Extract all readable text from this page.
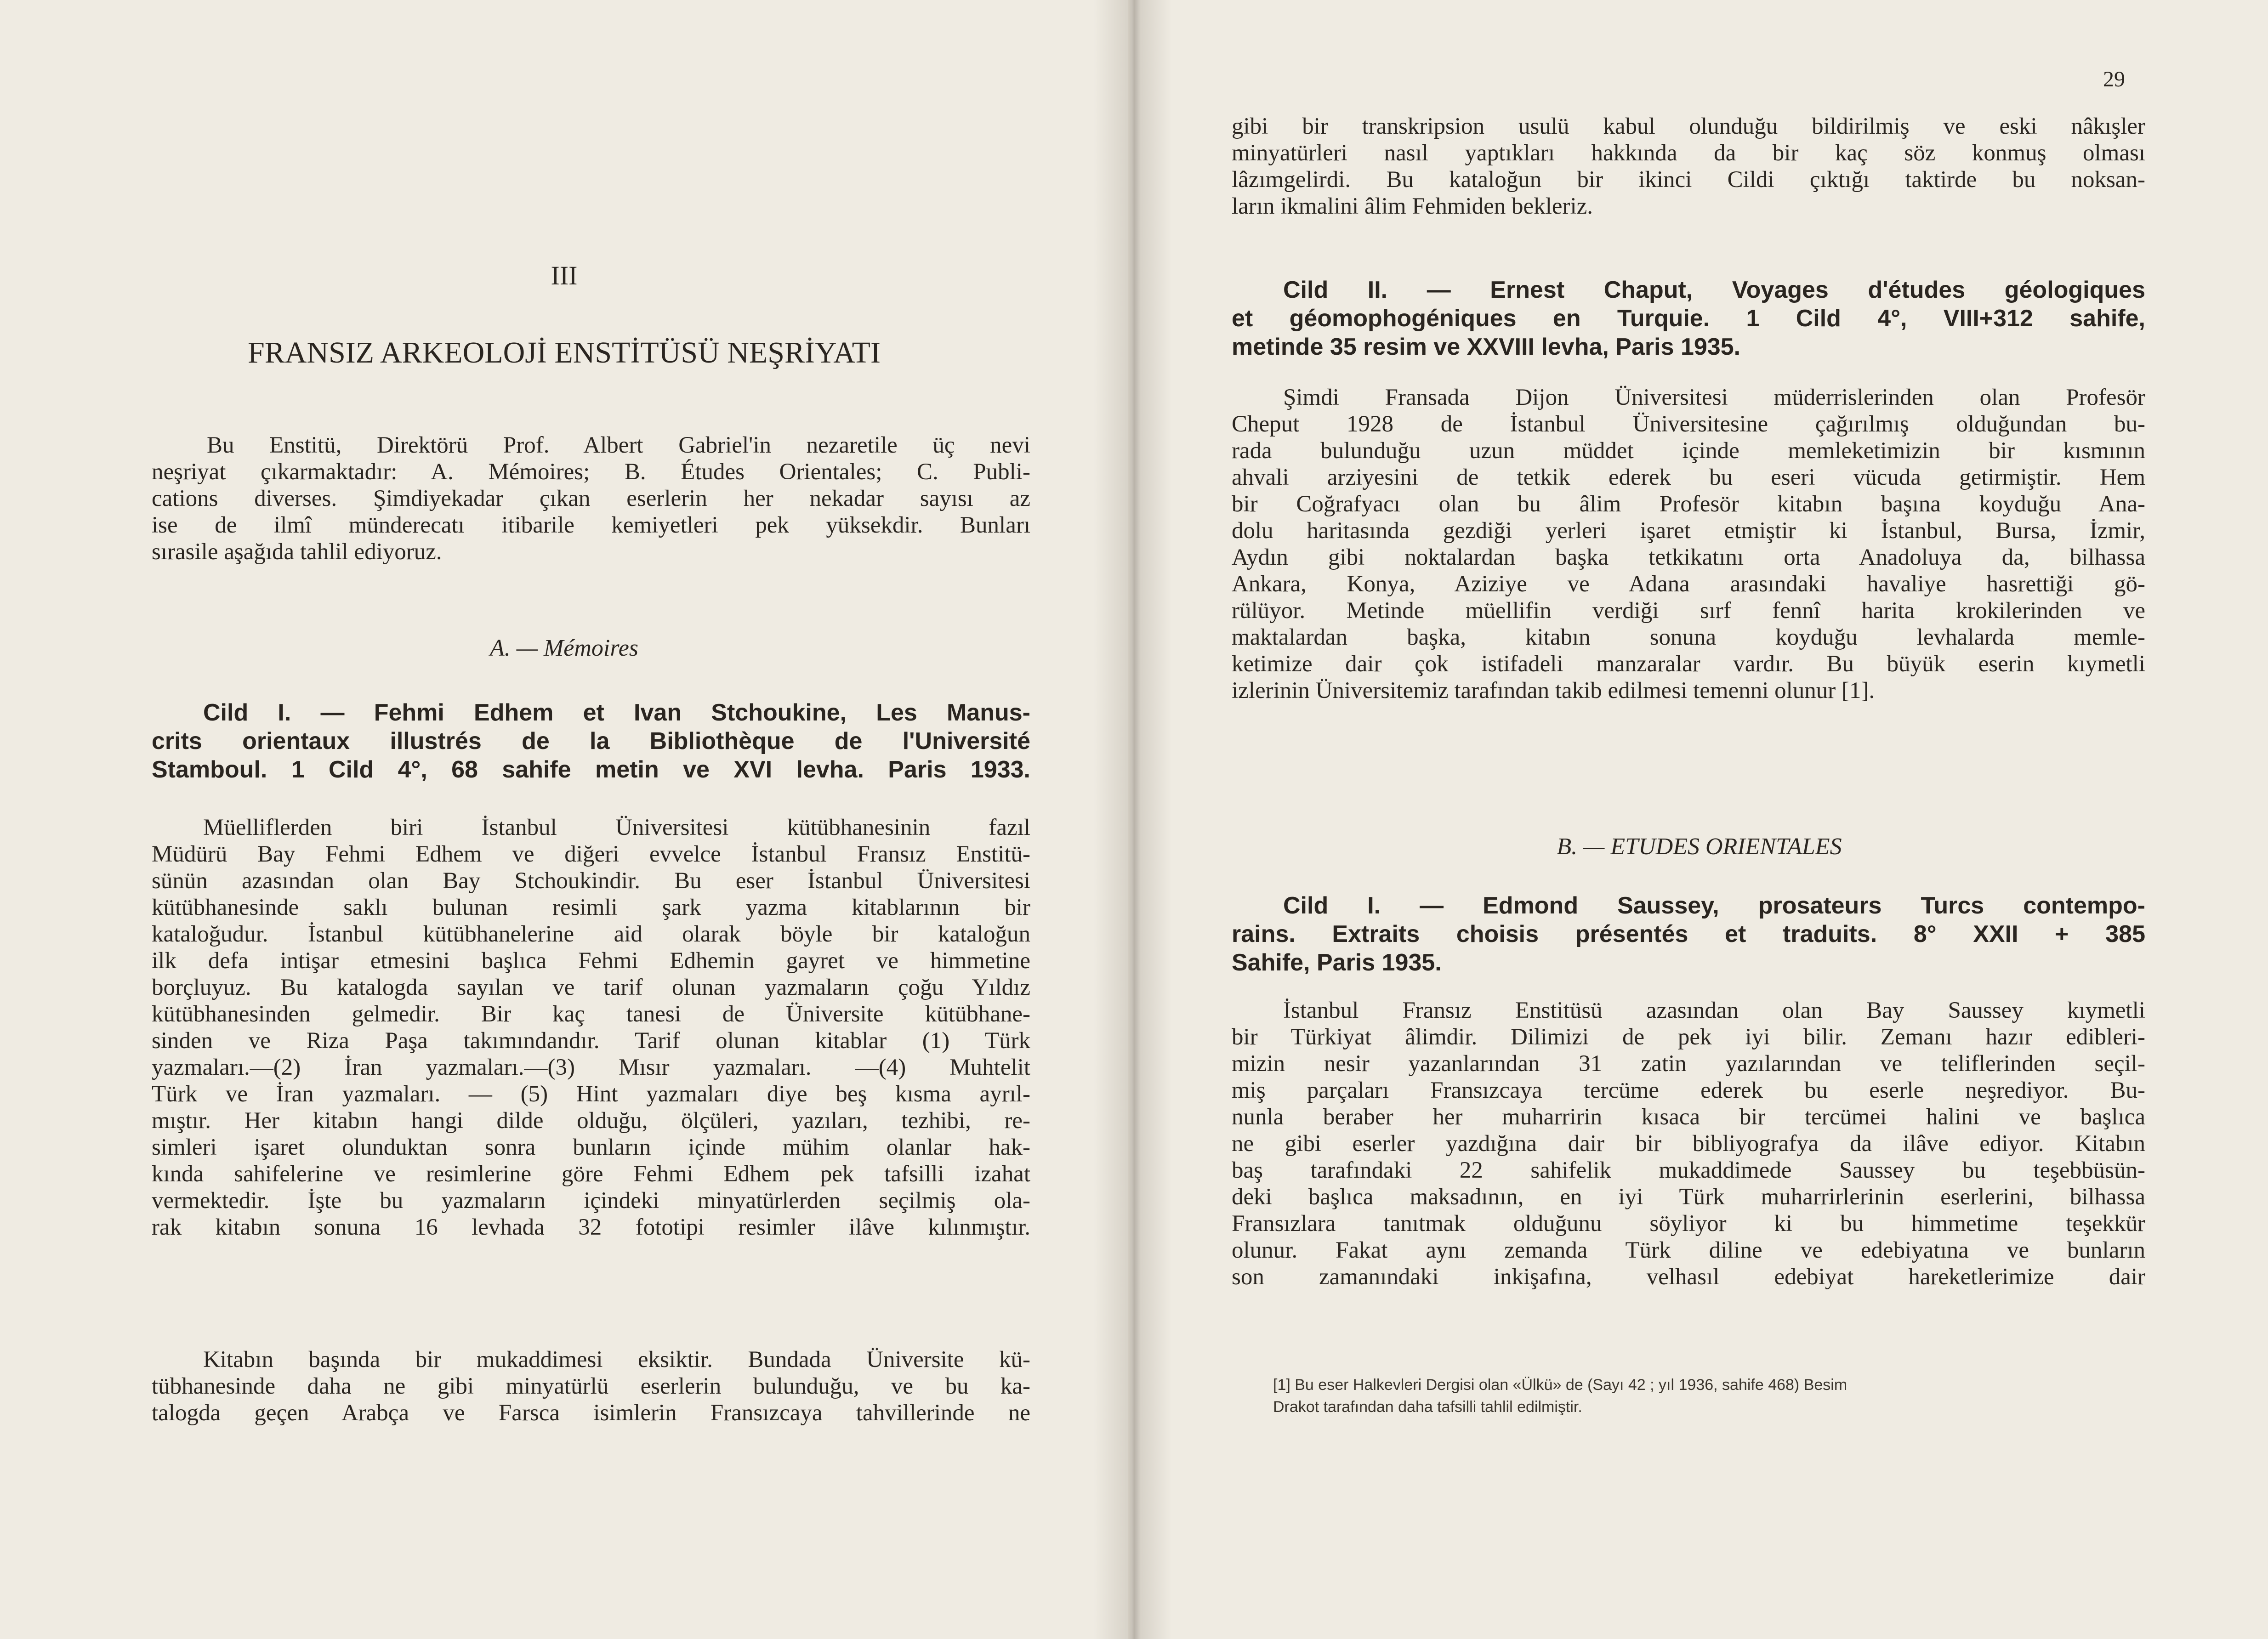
III
FRANSIZ ARKEOLOJİ ENSTİTÜSÜ NEŞRİYATI
Bu Enstitü, Direktörü Prof. Albert Gabriel'in nezaretile üç nevi
neşriyat çıkarmaktadır: A. Mémoires; B. Études Orientales; C. Publi-
cations diverses. Şimdiyekadar çıkan eserlerin her nekadar sayısı az
ise de ilmî münderecatı itibarile kemiyetleri pek yüksekdir. Bunları
sırasile aşağıda tahlil ediyoruz.
A. — Mémoires
Cild I. — Fehmi Edhem et Ivan Stchoukine, Les Manus-
crits orientaux illustrés de la Bibliothèque de l'Université
Stamboul. 1 Cild 4°, 68 sahife metin ve XVI levha. Paris 1933.
Müelliflerden biri İstanbul Üniversitesi kütübhanesinin fazıl
Müdürü Bay Fehmi Edhem ve diğeri evvelce İstanbul Fransız Enstitü-
sünün azasından olan Bay Stchoukindir. Bu eser İstanbul Üniversitesi
kütübhanesinde saklı bulunan resimli şark yazma kitablarının bir
kataloğudur. İstanbul kütübhanelerine aid olarak böyle bir kataloğun
ilk defa intişar etmesini başlıca Fehmi Edhemin gayret ve himmetine
borçluyuz. Bu katalogda sayılan ve tarif olunan yazmaların çoğu Yıldız
kütübhanesinden gelmedir. Bir kaç tanesi de Üniversite kütübhane-
sinden ve Riza Paşa takımındandır. Tarif olunan kitablar (1) Türk
yazmaları.—(2) İran yazmaları.—(3) Mısır yazmaları. —(4) Muhtelit
Türk ve İran yazmaları. — (5) Hint yazmaları diye beş kısma ayrıl-
mıştır. Her kitabın hangi dilde olduğu, ölçüleri, yazıları, tezhibi, re-
simleri işaret olunduktan sonra bunların içinde mühim olanlar hak-
kında sahifelerine ve resimlerine göre Fehmi Edhem pek tafsilli izahat
vermektedir. İşte bu yazmaların içindeki minyatürlerden seçilmiş ola-
rak kitabın sonuna 16 levhada 32 fototipi resimler ilâve kılınmıştır.
Kitabın başında bir mukaddimesi eksiktir. Bundada Üniversite kü-
tübhanesinde daha ne gibi minyatürlü eserlerin bulunduğu, ve bu ka-
talogda geçen Arabça ve Farsca isimlerin Fransızcaya tahvillerinde ne
29
gibi bir transkripsion usulü kabul olunduğu bildirilmiş ve eski nâkışler
minyatürleri nasıl yaptıkları hakkında da bir kaç söz konmuş olması
lâzımgelirdi. Bu kataloğun bir ikinci Cildi çıktığı taktirde bu noksan-
ların ikmalini âlim Fehmiden bekleriz.
Cild II. — Ernest Chaput, Voyages d'études géologiques
et géomophogéniques en Turquie. 1 Cild 4°, VIII+312 sahife,
metinde 35 resim ve XXVIII levha, Paris 1935.
Şimdi Fransada Dijon Üniversitesi müderrislerinden olan Profesör
Cheput 1928 de İstanbul Üniversitesine çağırılmış olduğundan bu-
rada bulunduğu uzun müddet içinde memleketimizin bir kısmının
ahvali arziyesini de tetkik ederek bu eseri vücuda getirmiştir. Hem
bir Coğrafyacı olan bu âlim Profesör kitabın başına koyduğu Ana-
dolu haritasında gezdiği yerleri işaret etmiştir ki İstanbul, Bursa, İzmir,
Aydın gibi noktalardan başka tetkikatını orta Anadoluya da, bilhassa
Ankara, Konya, Aziziye ve Adana arasındaki havaliye hasrettiği gö-
rülüyor. Metinde müellifin verdiği sırf fennî harita krokilerinden ve
maktalardan başka, kitabın sonuna koyduğu levhalarda memle-
ketimize dair çok istifadeli manzaralar vardır. Bu büyük eserin kıymetli
izlerinin Üniversitemiz tarafından takib edilmesi temenni olunur [1].
B. — ETUDES ORIENTALES
Cild I. — Edmond Saussey, prosateurs Turcs contempo-
rains. Extraits choisis présentés et traduits. 8° XXII + 385
Sahife, Paris 1935.
İstanbul Fransız Enstitüsü azasından olan Bay Saussey kıymetli
bir Türkiyat âlimdir. Dilimizi de pek iyi bilir. Zemanı hazır edibleri-
mizin nesir yazanlarından 31 zatin yazılarından ve teliflerinden seçil-
miş parçaları Fransızcaya tercüme ederek bu eserle neşrediyor. Bu-
nunla beraber her muharririn kısaca bir tercümei halini ve başlıca
ne gibi eserler yazdığına dair bir bibliyografya da ilâve ediyor. Kitabın
baş tarafındaki 22 sahifelik mukaddimede Saussey bu teşebbüsün-
deki başlıca maksadının, en iyi Türk muharrirlerinin eserlerini, bilhassa
Fransızlara tanıtmak olduğunu söyliyor ki bu himmetime teşekkür
olunur. Fakat aynı zemanda Türk diline ve edebiyatına ve bunların
son zamanındaki inkişafına, velhasıl edebiyat hareketlerimize dair
[1] Bu eser Halkevleri Dergisi olan «Ülkü» de (Sayı 42 ; yıl 1936, sahife 468) Besim
Drakot tarafından daha tafsilli tahlil edilmiştir.
